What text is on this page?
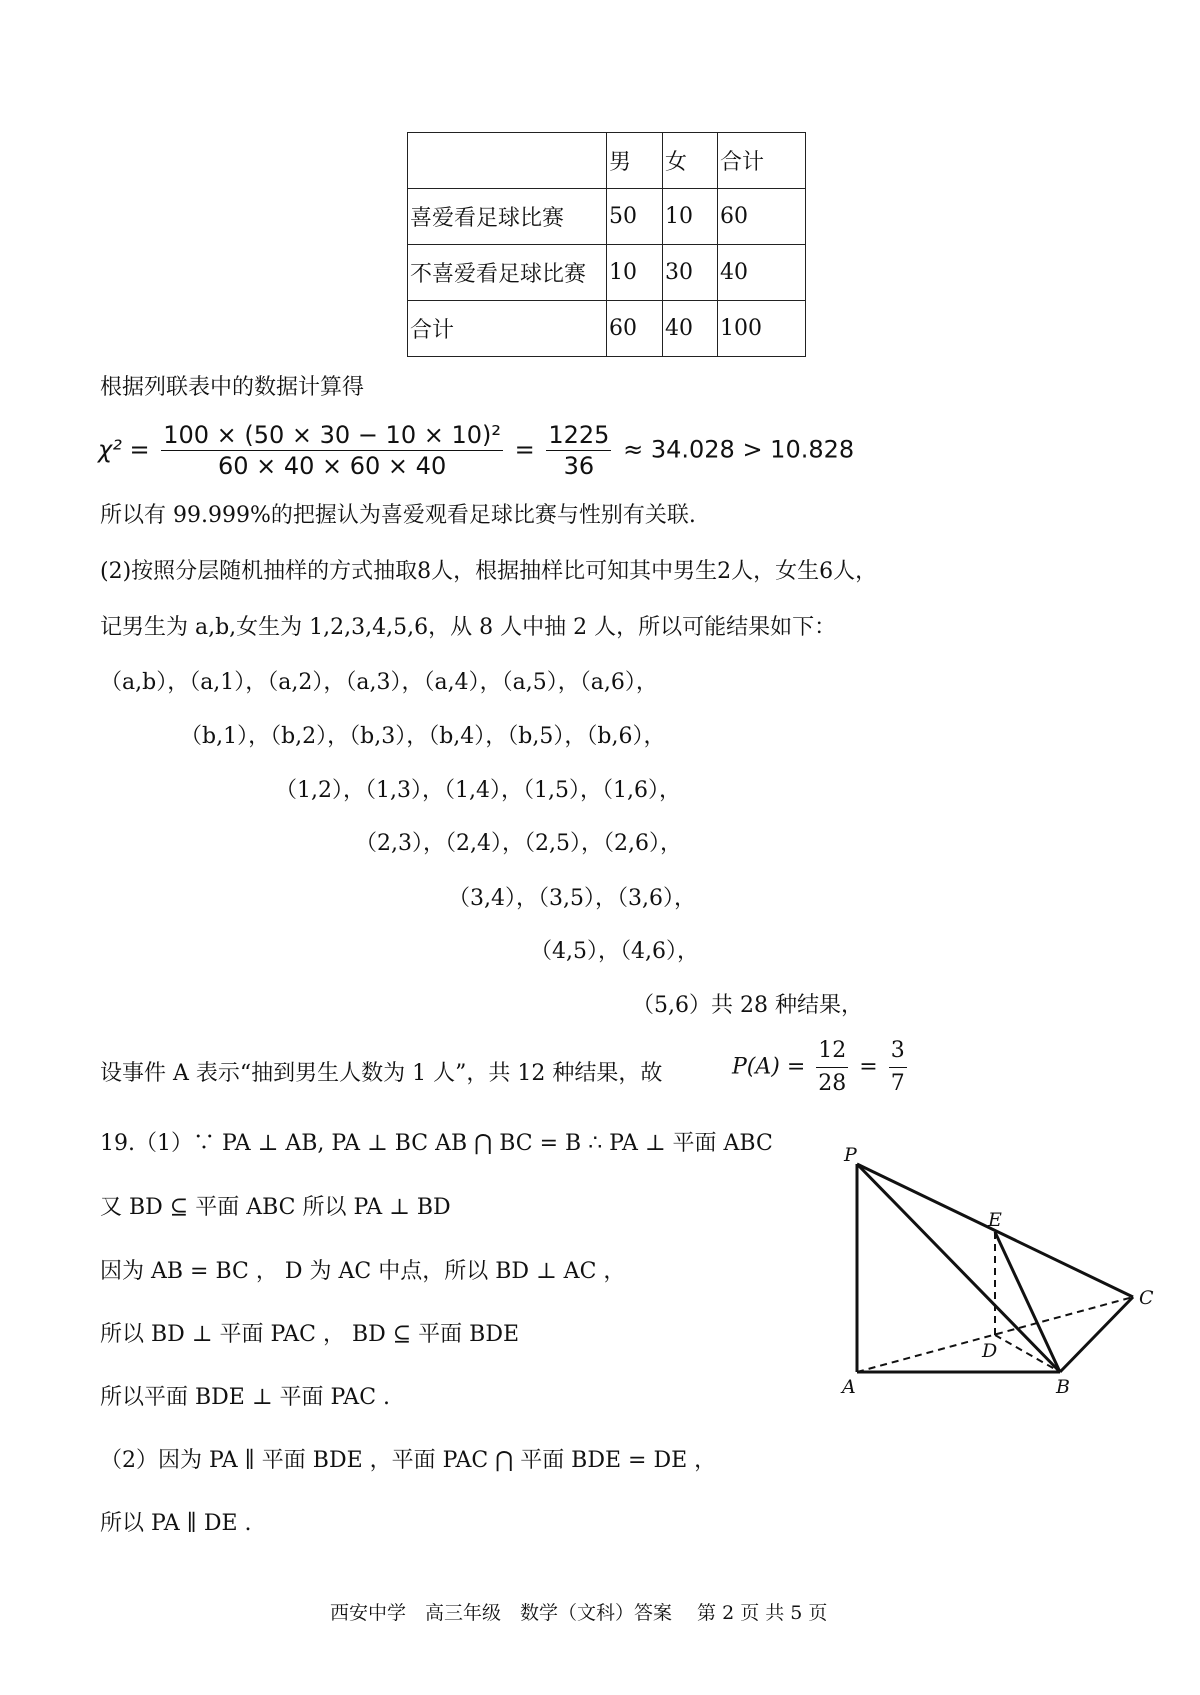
	男	女	合计
喜爱看足球比赛	50	10	60
不喜爱看足球比赛	10	30	40
合计	60	40	100
根据列联表中的数据计算得
$\chi^2 = \frac{\text{100 × (50 × 30 − 10 × 10)²}}{60 \times 40 \times 60 \times 40} = \frac{1225}{36} \approx 34.028 > 10.828$
所以有 99.999%的把握认为喜爱观看足球比赛与性别有关联.
(2)按照分层随机抽样的方式抽取8人，根据抽样比可知其中男生2人，女生6人，
记男生为 a,b,女生为 1,2,3,4,5,6，从 8 人中抽 2 人，所以可能结果如下：
（a,b），（a,1），（a,2），（a,3），（a,4），（a,5），（a,6），
（b,1），（b,2），（b,3），（b,4），（b,5），（b,6），
（1,2），（1,3），（1,4），（1,5），（1,6），
（2,3），（2,4），（2,5），（2,6），
（3,4），（3,5），（3,6），
（4,5），（4,6），
（5,6）共 28 种结果，
设事件 A 表示“抽到男生人数为 1 人”，共 12 种结果，故	$P(A) = \frac{12}{28} = \frac{3}{7}$
19.（1）∵ PA ⊥ AB, PA ⊥ BC AB ⋂ BC = B ∴ PA ⊥ 平面 ABC
又 BD ⊆ 平面 ABC 所以 PA ⊥ BD
因为 AB = BC ， D 为 AC 中点，所以 BD ⊥ AC ，
所以 BD ⊥ 平面 PAC ， BD ⊆ 平面 BDE
所以平面 BDE ⊥ 平面 PAC .
（2）因为 PA ∥ 平面 BDE ，平面 PAC ⋂ 平面 BDE = DE ，
所以 PA ∥ DE .
P
E
C
D
A	B
西安中学　高三年级　数学（文科）答案　 第 2 页 共 5 页
